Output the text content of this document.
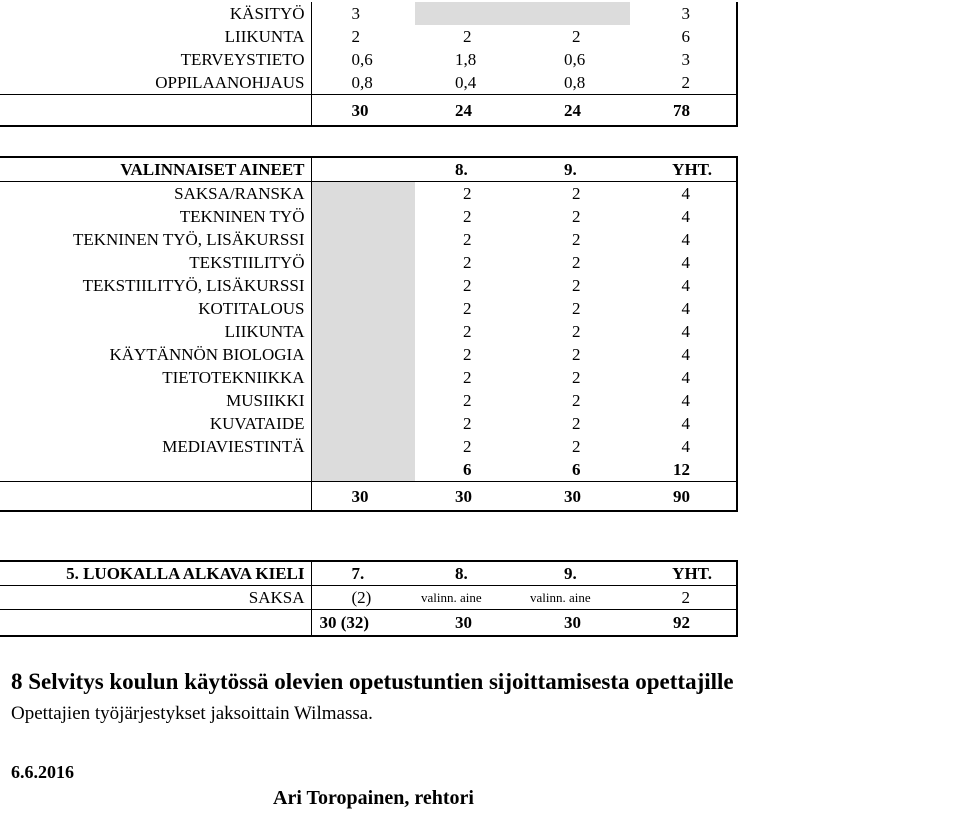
KÄSITYÖ	3			3
LIIKUNTA	2	2	2	6
TERVEYSTIETO	0,6	1,8	0,6	3
OPPILAANOHJAUS	0,8	0,4	0,8	2
	30	24	24	78
VALINNAISET AINEET		8.	9.	YHT.
SAKSA/RANSKA		2	2	4
TEKNINEN TYÖ		2	2	4
TEKNINEN TYÖ, LISÄKURSSI		2	2	4
TEKSTIILITYÖ		2	2	4
TEKSTIILITYÖ, LISÄKURSSI		2	2	4
KOTITALOUS		2	2	4
LIIKUNTA		2	2	4
KÄYTÄNNÖN BIOLOGIA		2	2	4
TIETOTEKNIIKKA		2	2	4
MUSIIKKI		2	2	4
KUVATAIDE		2	2	4
MEDIAVIESTINTÄ		2	2	4
		6	6	12
	30	30	30	90
5. LUOKALLA ALKAVA KIELI	7.	8.	9.	YHT.
SAKSA	(2)	valinn. aine	valinn. aine	2
	30 (32)	30	30	92
8 Selvitys koulun käytössä olevien opetustuntien sijoittamisesta opettajille
Opettajien työjärjestykset jaksoittain Wilmassa.
6.6.2016
Ari Toropainen, rehtori
